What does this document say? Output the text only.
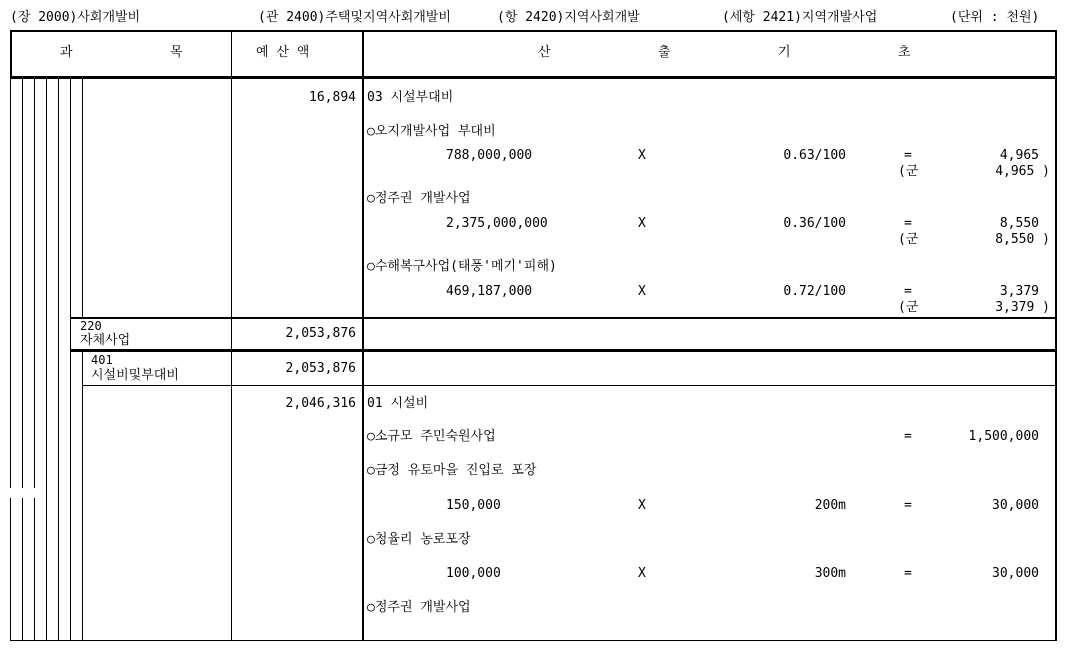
(장 2000)사회개발비	(관 2400)주택및지역사회개발비	(항 2420)지역사회개발	(세항 2421)지역개발사업	(단위 : 천원)
과	목	예 산 액	산	출	기	초
16,894 03 시설부대비
○오지개발사업 부대비
788,000,000	X	0.63/100	=	4,965
(군	4,965 )
○정주권 개발사업
2,375,000,000	X	0.36/100	=	8,550
(군	8,550 )
○수해복구사업(태풍'메기'피해)
469,187,000	X	0.72/100	=	3,379
(군	3,379 )
220
자체사업	2,053,876
401
시설비및부대비	2,053,876
2,046,316 01 시설비
○소규모 주민숙원사업	=	1,500,000
○금정 유토마을 진입로 포장
150,000	X	200m	=	30,000
○청율리 농로포장
100,000	X	300m	=	30,000
○정주권 개발사업
